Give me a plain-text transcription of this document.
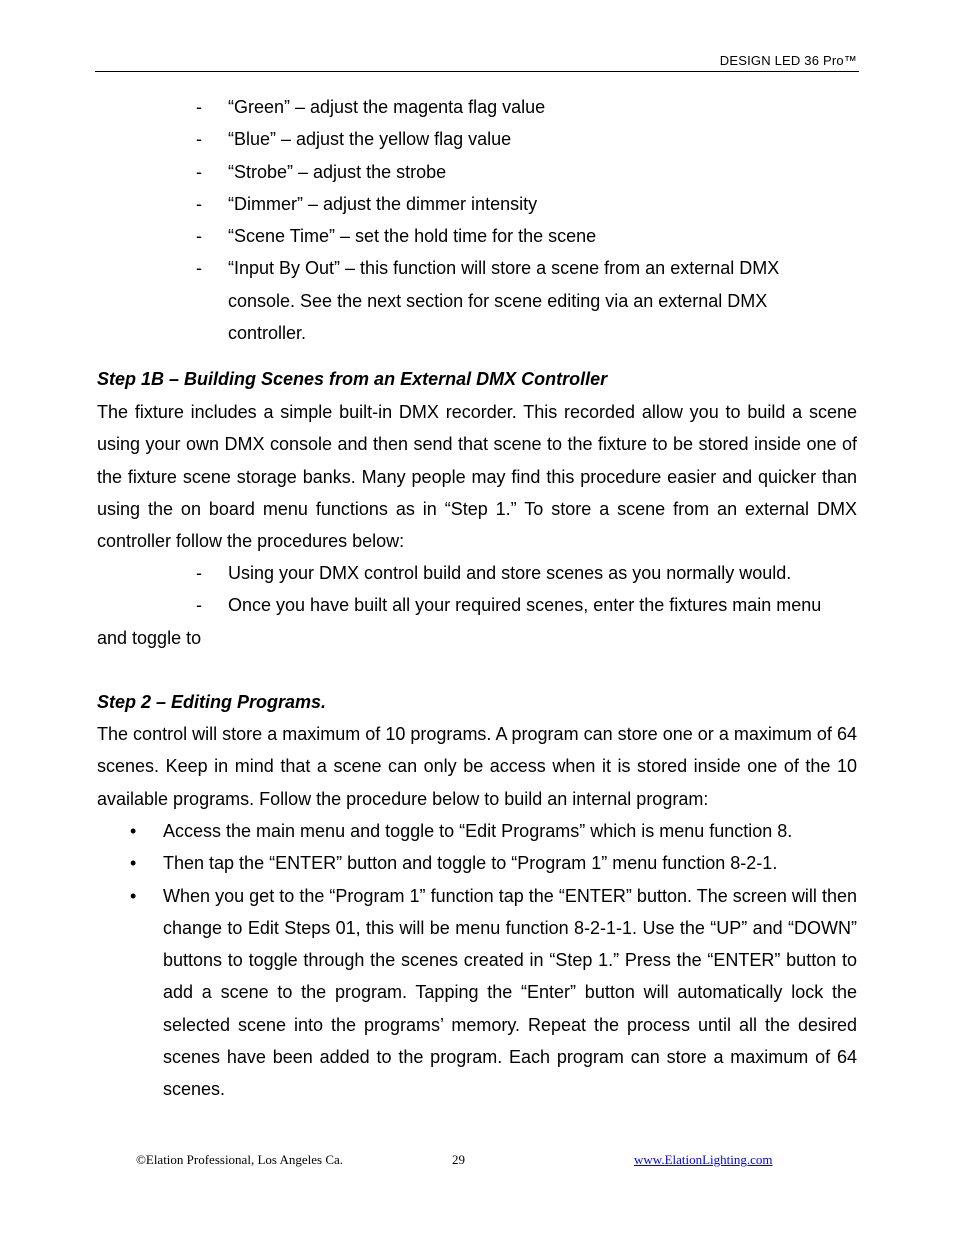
DESIGN LED 36 Pro™
- “Green” – adjust the magenta flag value
- “Blue” – adjust the yellow flag value
- “Strobe” – adjust the strobe
- “Dimmer” – adjust the dimmer intensity
- “Scene Time” – set the hold time for the scene
- “Input By Out” – this function will store a scene from an external DMX console. See the next section for scene editing via an external DMX controller.
Step 1B – Building Scenes from an External DMX Controller
The fixture includes a simple built-in DMX recorder. This recorded allow you to build a scene using your own DMX console and then send that scene to the fixture to be stored inside one of the fixture scene storage banks. Many people may find this procedure easier and quicker than using the on board menu functions as in “Step 1.” To store a scene from an external DMX controller follow the procedures below:
- Using your DMX control build and store scenes as you normally would.
- Once you have built all your required scenes, enter the fixtures main menu
and toggle to
Step 2 – Editing Programs.
The control will store a maximum of 10 programs. A program can store one or a maximum of 64 scenes. Keep in mind that a scene can only be access when it is stored inside one of the 10 available programs. Follow the procedure below to build an internal program:
• Access the main menu and toggle to “Edit Programs” which is menu function 8.
• Then tap the “ENTER” button and toggle to “Program 1” menu function 8-2-1.
• When you get to the “Program 1” function tap the “ENTER” button. The screen will then change to Edit Steps 01, this will be menu function 8-2-1-1. Use the “UP” and “DOWN” buttons to toggle through the scenes created in “Step 1.” Press the “ENTER” button to add a scene to the program. Tapping the “Enter” button will automatically lock the selected scene into the programs’ memory. Repeat the process until all the desired scenes have been added to the program. Each program can store a maximum of 64 scenes.
©Elation Professional, Los Angeles Ca.	29	www.ElationLighting.com
